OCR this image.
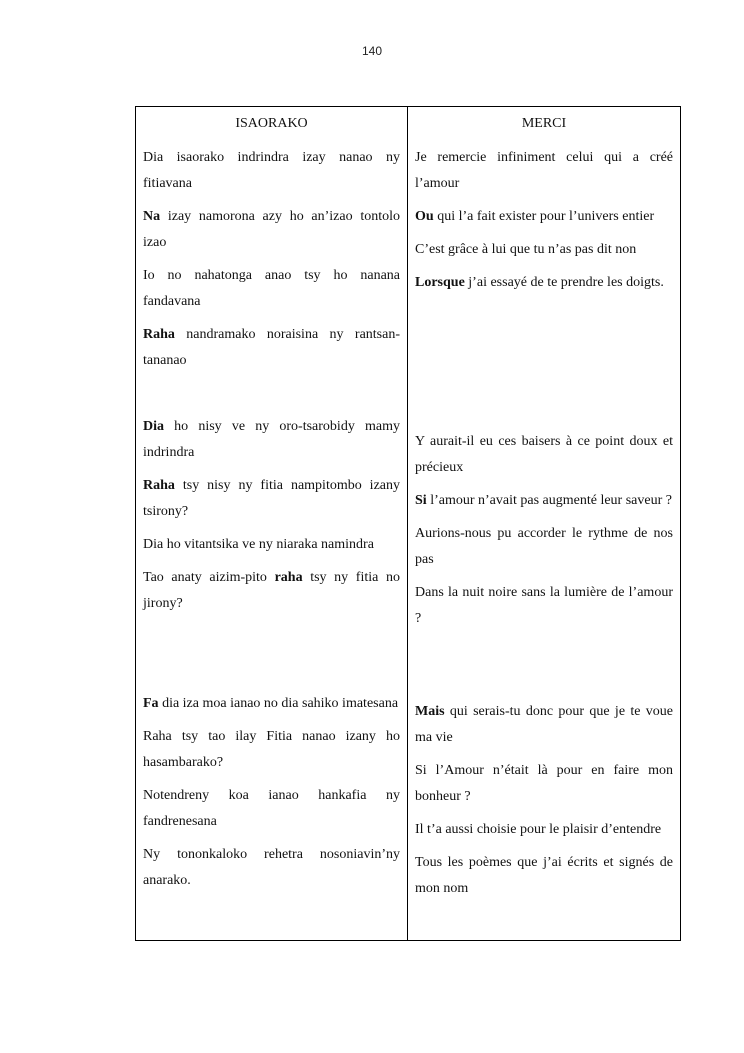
140
ISAORAKO

Dia isaorako indrindra izay nanao ny fitiavana

Na izay namorona azy ho an’izao tontolo izao

Io no nahatonga anao tsy ho nanana fandavana

Raha nandramako noraisina ny rantsan-tananao

Dia ho nisy ve ny oro-tsarobidy mamy indrindra

Raha tsy nisy ny fitia nampitombo izany tsirony?

Dia ho vitantsika ve ny niaraka namindra

Tao anaty aizim-pito raha tsy ny fitia no jirony?

Fa dia iza moa ianao no dia sahiko imatesana

Raha tsy tao ilay Fitia nanao izany ho hasambarako?

Notendreny koa ianao hankafia ny fandrenesana

Ny tononkaloko rehetra nosoniavin’ny anarako.

MERCI

Je remercie infiniment celui qui a créé l’amour

Ou qui l’a fait exister pour l’univers entier

C’est grâce à lui que tu n’as pas dit non

Lorsque j’ai essayé de te prendre les doigts.

Y aurait-il eu ces baisers à ce point doux et précieux

Si l’amour n’avait pas augmenté leur saveur ?

Aurions-nous pu accorder le rythme de nos pas

Dans la nuit noire sans la lumière de l’amour ?

Mais qui serais-tu donc pour que je te voue ma vie

Si l’Amour n’était là pour en faire mon bonheur ?

Il t’a aussi choisie pour le plaisir d’entendre

Tous les poèmes que j’ai écrits et signés de mon nom
